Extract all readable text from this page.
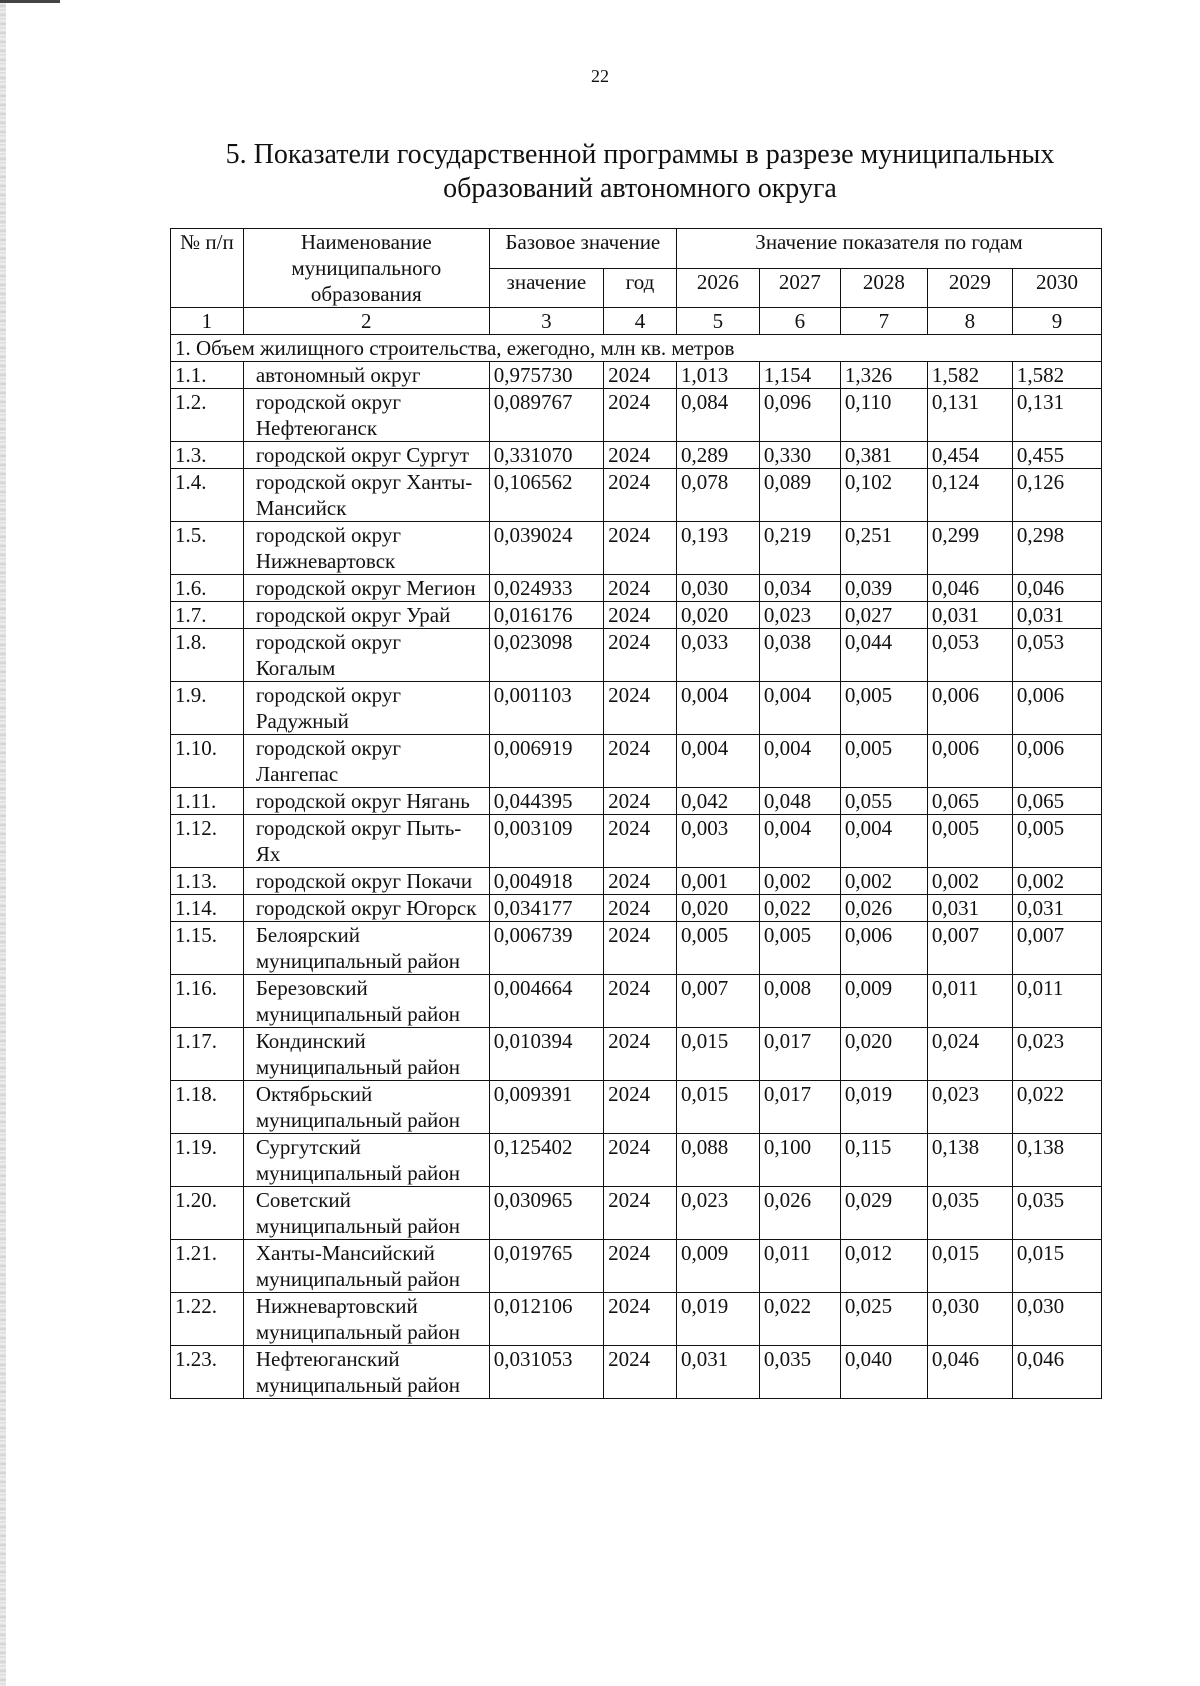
22
5. Показатели государственной программы в разрезе муниципальных
образований автономного округа
№ п/п	Наименование муниципального образования	Базовое значение		Значение показателя по годам				
		значение	год	2026	2027	2028	2029	2030
1	2	3	4	5	6	7	8	9
1. Объем жилищного строительства, ежегодно, млн кв. метров								
1.1.	автономный округ	0,975730	2024	1,013	1,154	1,326	1,582	1,582
1.2.	городской округ Нефтеюганск	0,089767	2024	0,084	0,096	0,110	0,131	0,131
1.3.	городской округ Сургут	0,331070	2024	0,289	0,330	0,381	0,454	0,455
1.4.	городской округ Ханты-Мансийск	0,106562	2024	0,078	0,089	0,102	0,124	0,126
1.5.	городской округ Нижневартовск	0,039024	2024	0,193	0,219	0,251	0,299	0,298
1.6.	городской округ Мегион	0,024933	2024	0,030	0,034	0,039	0,046	0,046
1.7.	городской округ Урай	0,016176	2024	0,020	0,023	0,027	0,031	0,031
1.8.	городской округ Когалым	0,023098	2024	0,033	0,038	0,044	0,053	0,053
1.9.	городской округ Радужный	0,001103	2024	0,004	0,004	0,005	0,006	0,006
1.10.	городской округ Лангепас	0,006919	2024	0,004	0,004	0,005	0,006	0,006
1.11.	городской округ Нягань	0,044395	2024	0,042	0,048	0,055	0,065	0,065
1.12.	городской округ Пыть-Ях	0,003109	2024	0,003	0,004	0,004	0,005	0,005
1.13.	городской округ Покачи	0,004918	2024	0,001	0,002	0,002	0,002	0,002
1.14.	городской округ Югорск	0,034177	2024	0,020	0,022	0,026	0,031	0,031
1.15.	Белоярский муниципальный район	0,006739	2024	0,005	0,005	0,006	0,007	0,007
1.16.	Березовский муниципальный район	0,004664	2024	0,007	0,008	0,009	0,011	0,011
1.17.	Кондинский муниципальный район	0,010394	2024	0,015	0,017	0,020	0,024	0,023
1.18.	Октябрьский муниципальный район	0,009391	2024	0,015	0,017	0,019	0,023	0,022
1.19.	Сургутский муниципальный район	0,125402	2024	0,088	0,100	0,115	0,138	0,138
1.20.	Советский муниципальный район	0,030965	2024	0,023	0,026	0,029	0,035	0,035
1.21.	Ханты-Мансийский муниципальный район	0,019765	2024	0,009	0,011	0,012	0,015	0,015
1.22.	Нижневартовский муниципальный район	0,012106	2024	0,019	0,022	0,025	0,030	0,030
1.23.	Нефтеюганский муниципальный район	0,031053	2024	0,031	0,035	0,040	0,046	0,046
